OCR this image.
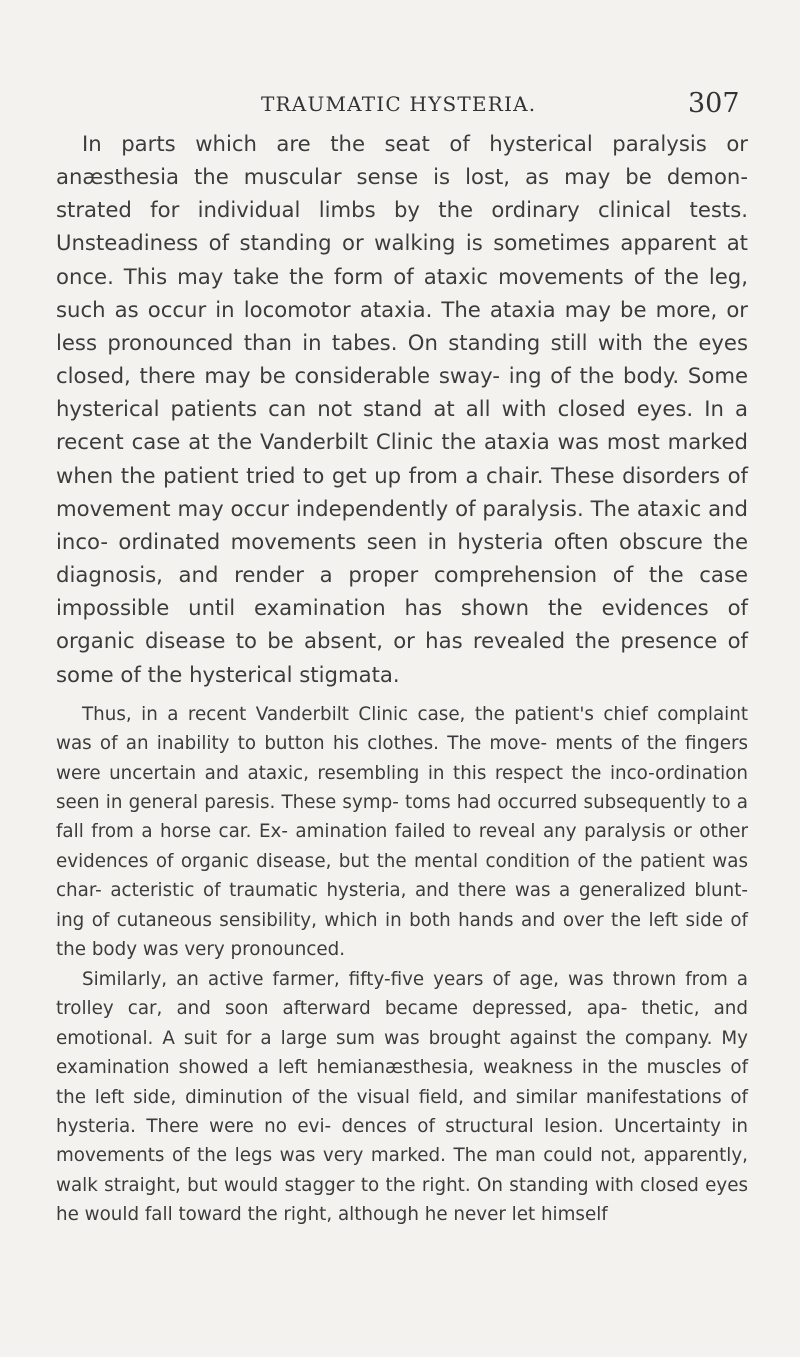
TRAUMATIC HYSTERIA.	307

In parts which are the seat of hysterical paralysis or anæsthesia the muscular sense is lost, as may be demon- strated for individual limbs by the ordinary clinical tests. Unsteadiness of standing or walking is sometimes apparent at once. This may take the form of ataxic movements of the leg, such as occur in locomotor ataxia. The ataxia may be more, or less pronounced than in tabes. On standing still with the eyes closed, there may be considerable sway- ing of the body. Some hysterical patients can not stand at all with closed eyes. In a recent case at the Vanderbilt Clinic the ataxia was most marked when the patient tried to get up from a chair. These disorders of movement may occur independently of paralysis. The ataxic and inco- ordinated movements seen in hysteria often obscure the diagnosis, and render a proper comprehension of the case impossible until examination has shown the evidences of organic disease to be absent, or has revealed the presence of some of the hysterical stigmata.

Thus, in a recent Vanderbilt Clinic case, the patient's chief complaint was of an inability to button his clothes. The move- ments of the fingers were uncertain and ataxic, resembling in this respect the inco-ordination seen in general paresis. These symp- toms had occurred subsequently to a fall from a horse car. Ex- amination failed to reveal any paralysis or other evidences of organic disease, but the mental condition of the patient was char- acteristic of traumatic hysteria, and there was a generalized blunt- ing of cutaneous sensibility, which in both hands and over the left side of the body was very pronounced.

Similarly, an active farmer, fifty-five years of age, was thrown from a trolley car, and soon afterward became depressed, apa- thetic, and emotional. A suit for a large sum was brought against the company. My examination showed a left hemianæsthesia, weakness in the muscles of the left side, diminution of the visual field, and similar manifestations of hysteria. There were no evi- dences of structural lesion. Uncertainty in movements of the legs was very marked. The man could not, apparently, walk straight, but would stagger to the right. On standing with closed eyes he would fall toward the right, although he never let himself
